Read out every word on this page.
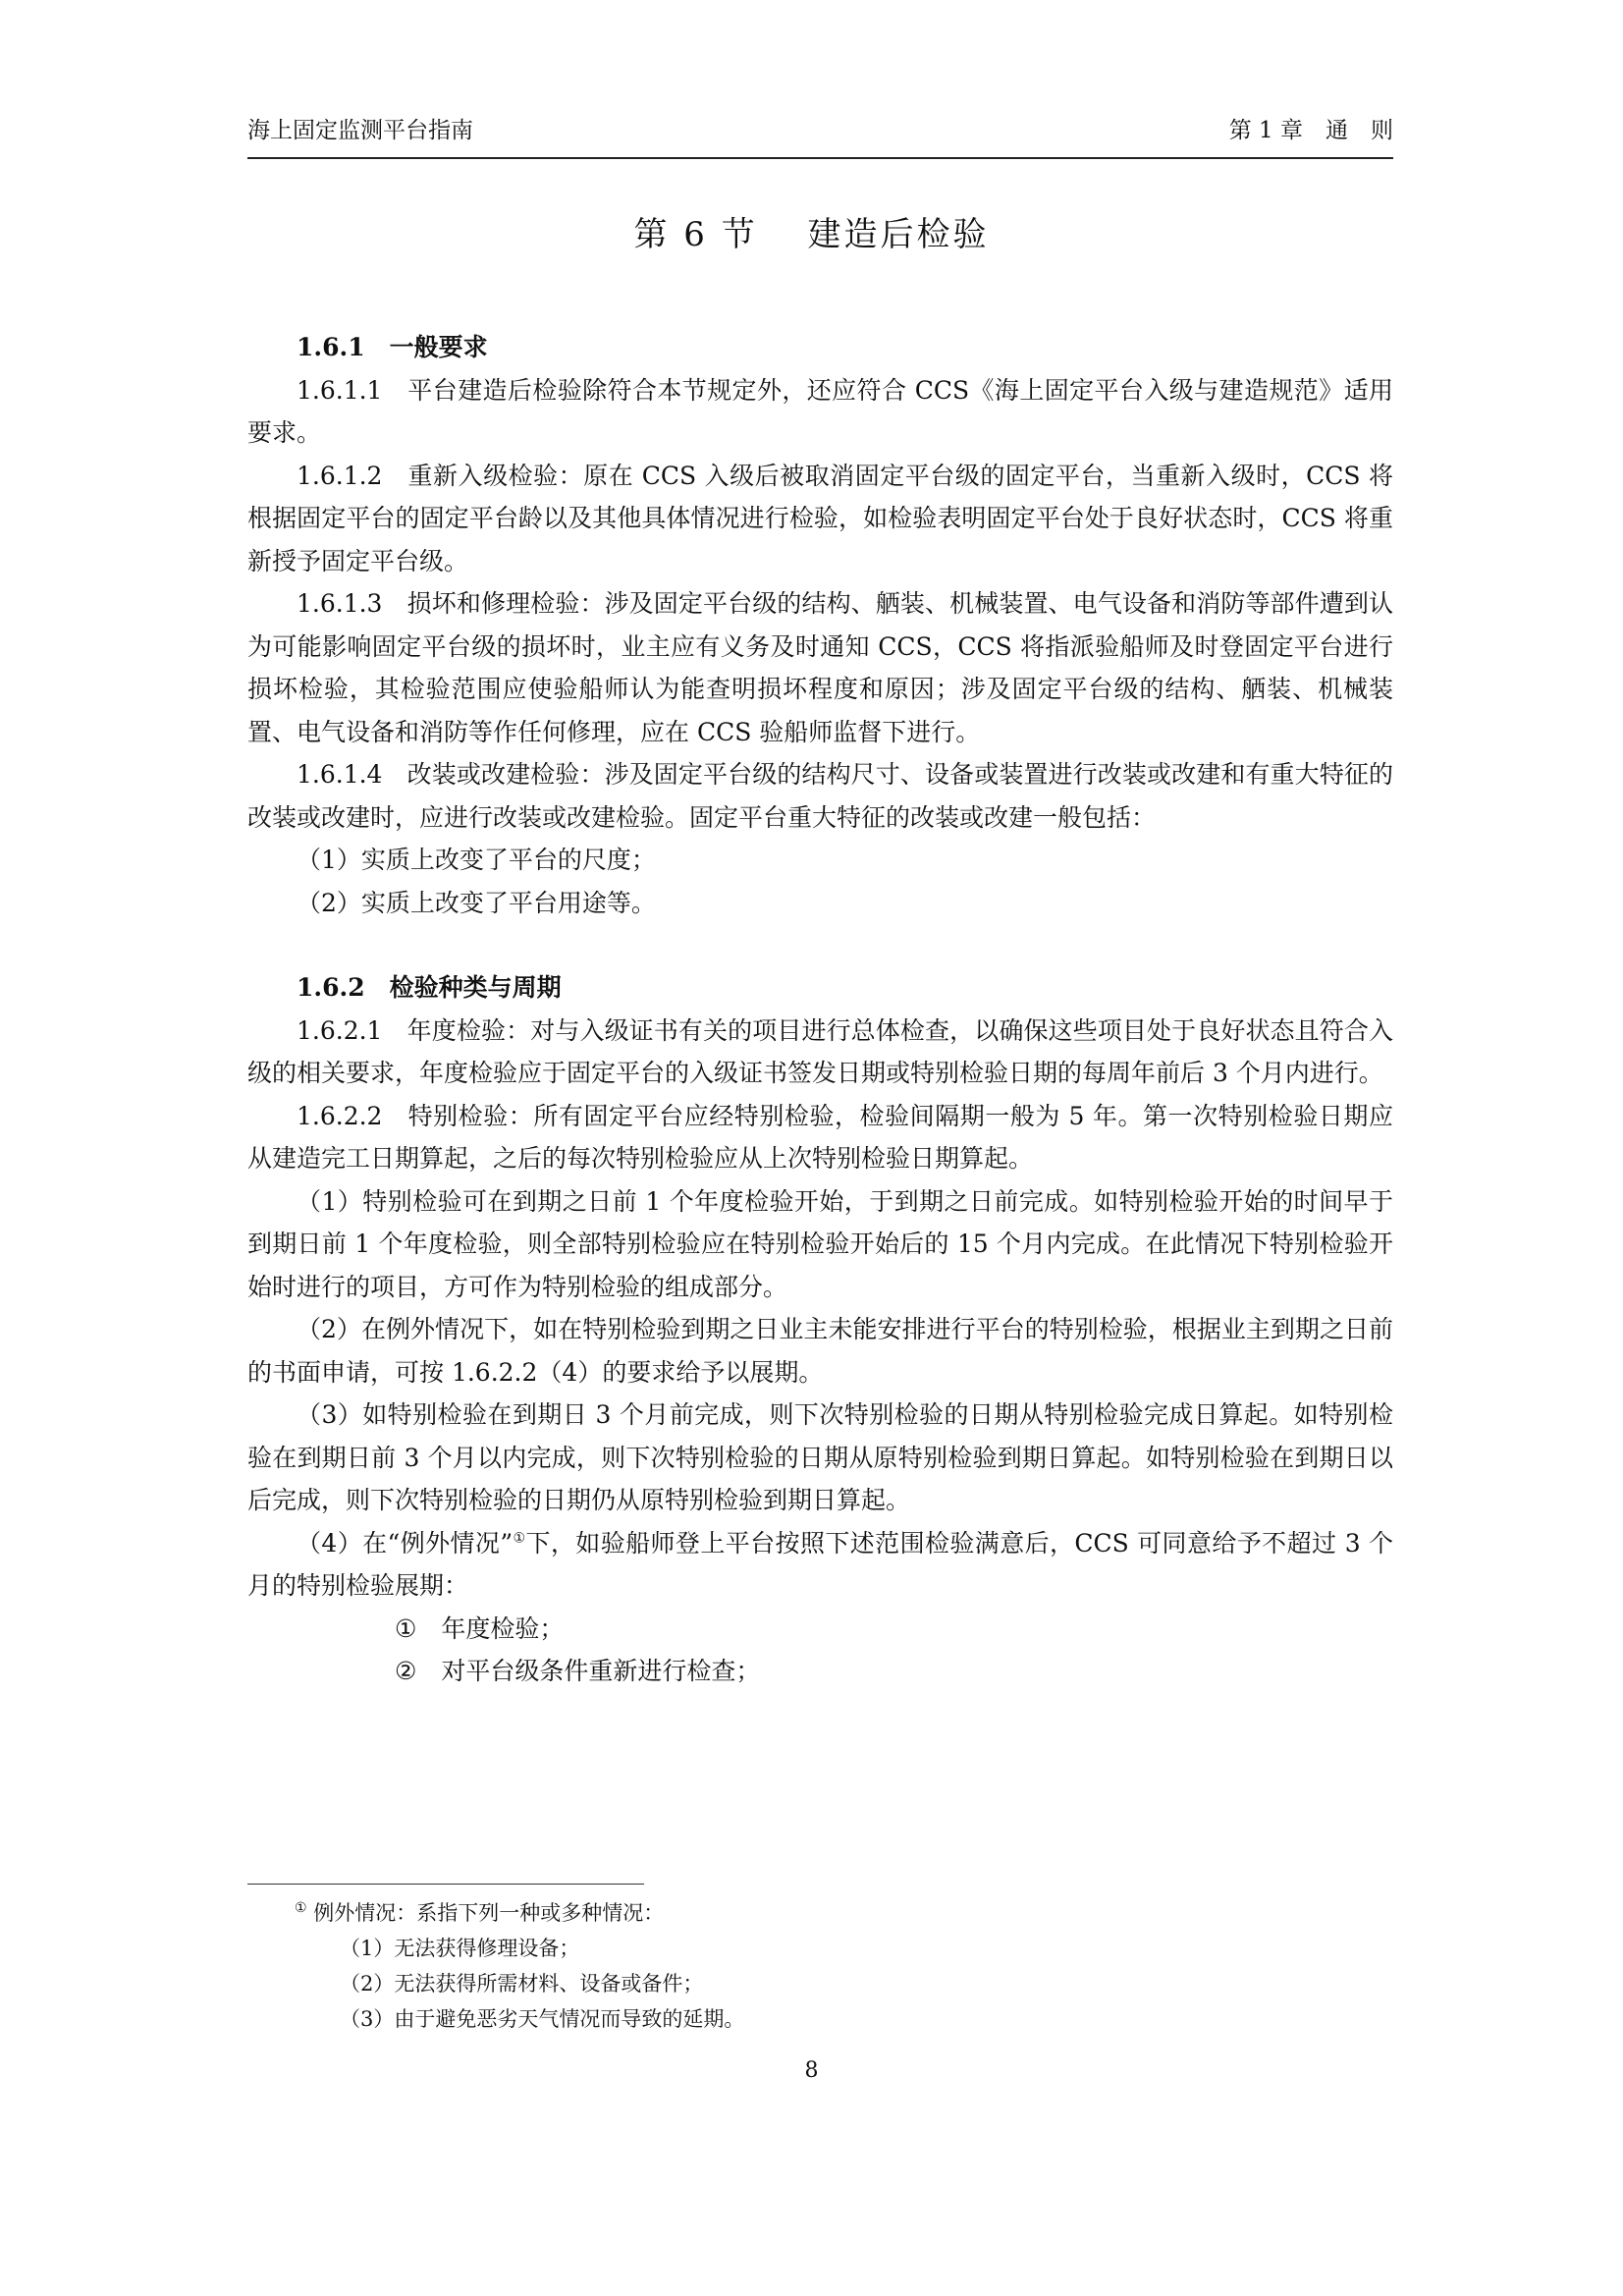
海上固定监测平台指南	第 1 章　通　则
第 6 节　 建造后检验

1.6.1 一般要求

1.6.1.1　平台建造后检验除符合本节规定外，还应符合 CCS《海上固定平台入级与建造规范》适用要求。

1.6.1.2　重新入级检验：原在 CCS 入级后被取消固定平台级的固定平台，当重新入级时，CCS 将根据固定平台的固定平台龄以及其他具体情况进行检验，如检验表明固定平台处于良好状态时，CCS 将重新授予固定平台级。

1.6.1.3　损坏和修理检验：涉及固定平台级的结构、舾装、机械装置、电气设备和消防等部件遭到认为可能影响固定平台级的损坏时，业主应有义务及时通知 CCS，CCS 将指派验船师及时登固定平台进行损坏检验，其检验范围应使验船师认为能查明损坏程度和原因；涉及固定平台级的结构、舾装、机械装置、电气设备和消防等作任何修理，应在 CCS 验船师监督下进行。

1.6.1.4　改装或改建检验：涉及固定平台级的结构尺寸、设备或装置进行改装或改建和有重大特征的改装或改建时，应进行改装或改建检验。固定平台重大特征的改装或改建一般包括：

（1）实质上改变了平台的尺度；

（2）实质上改变了平台用途等。

1.6.2 检验种类与周期

1.6.2.1　年度检验：对与入级证书有关的项目进行总体检查，以确保这些项目处于良好状态且符合入级的相关要求，年度检验应于固定平台的入级证书签发日期或特别检验日期的每周年前后 3 个月内进行。

1.6.2.2　特别检验：所有固定平台应经特别检验，检验间隔期一般为 5 年。第一次特别检验日期应从建造完工日期算起，之后的每次特别检验应从上次特别检验日期算起。

（1）特别检验可在到期之日前 1 个年度检验开始，于到期之日前完成。如特别检验开始的时间早于到期日前 1 个年度检验，则全部特别检验应在特别检验开始后的 15 个月内完成。在此情况下特别检验开始时进行的项目，方可作为特别检验的组成部分。

（2）在例外情况下，如在特别检验到期之日业主未能安排进行平台的特别检验，根据业主到期之日前的书面申请，可按 1.6.2.2（4）的要求给予以展期。

（3）如特别检验在到期日 3 个月前完成，则下次特别检验的日期从特别检验完成日算起。如特别检验在到期日前 3 个月以内完成，则下次特别检验的日期从原特别检验到期日算起。如特别检验在到期日以后完成，则下次特别检验的日期仍从原特别检验到期日算起。

（4）在“例外情况”①下，如验船师登上平台按照下述范围检验满意后，CCS 可同意给予不超过 3 个月的特别检验展期：

① 年度检验；

② 对平台级条件重新进行检查；

① 例外情况：系指下列一种或多种情况：

（1）无法获得修理设备；

（2）无法获得所需材料、设备或备件；

（3）由于避免恶劣天气情况而导致的延期。

8
